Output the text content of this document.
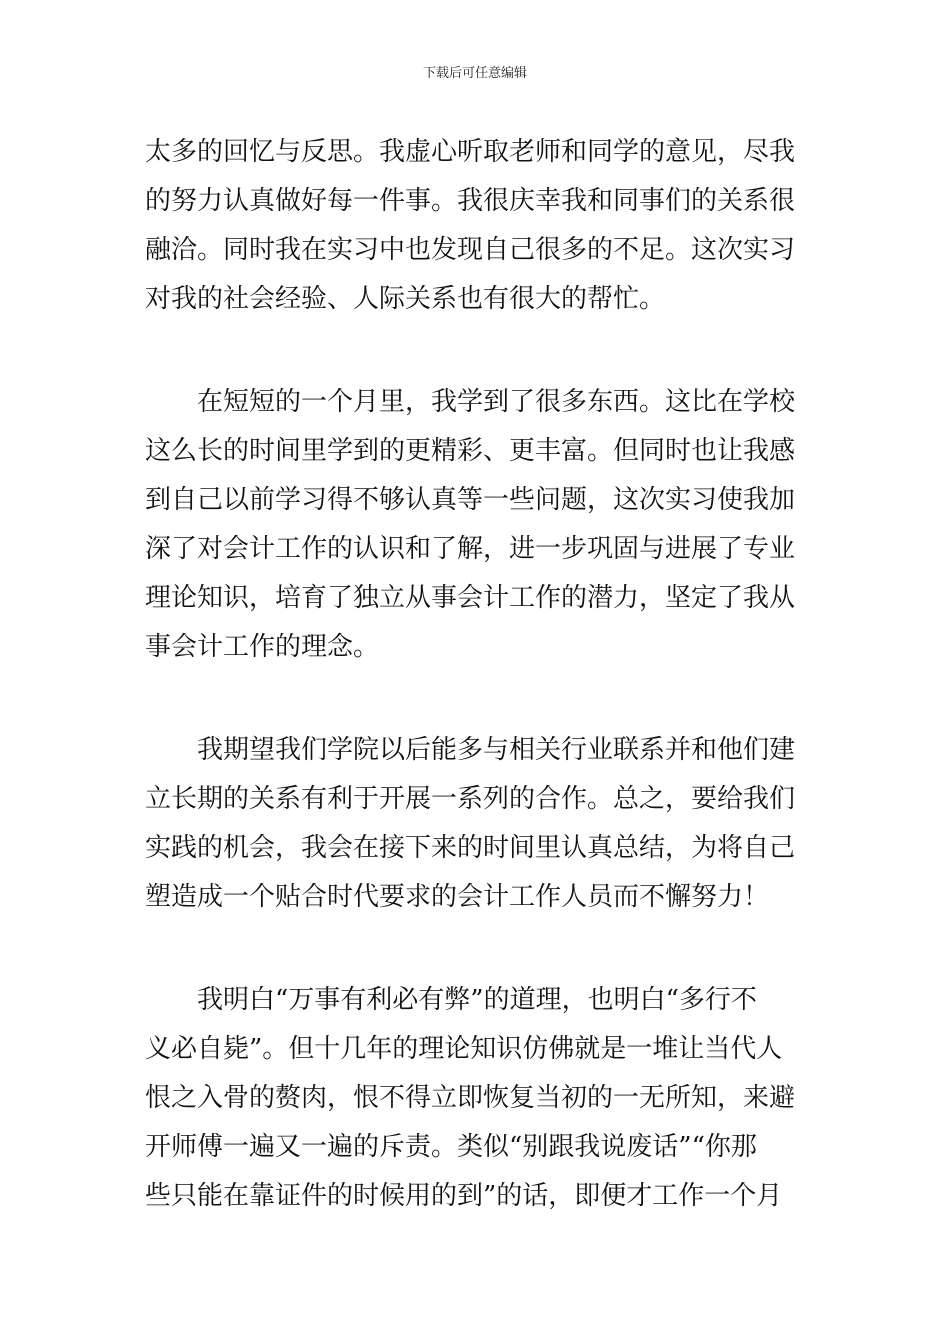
下载后可任意编辑
太多的回忆与反思。我虚心听取老师和同学的意见，尽我
的努力认真做好每一件事。我很庆幸我和同事们的关系很
融洽。同时我在实习中也发现自己很多的不足。这次实习
对我的社会经验、人际关系也有很大的帮忙。
在短短的一个月里，我学到了很多东西。这比在学校
这么长的时间里学到的更精彩、更丰富。但同时也让我感
到自己以前学习得不够认真等一些问题，这次实习使我加
深了对会计工作的认识和了解，进一步巩固与进展了专业
理论知识，培育了独立从事会计工作的潜力，坚定了我从
事会计工作的理念。
我期望我们学院以后能多与相关行业联系并和他们建
立长期的关系有利于开展一系列的合作。总之，要给我们
实践的机会，我会在接下来的时间里认真总结，为将自己
塑造成一个贴合时代要求的会计工作人员而不懈努力！
我明白“万事有利必有弊”的道理，也明白“多行不
义必自毙”。但十几年的理论知识仿佛就是一堆让当代人
恨之入骨的赘肉，恨不得立即恢复当初的一无所知，来避
开师傅一遍又一遍的斥责。类似“别跟我说废话”“你那
些只能在靠证件的时候用的到”的话，即便才工作一个月
